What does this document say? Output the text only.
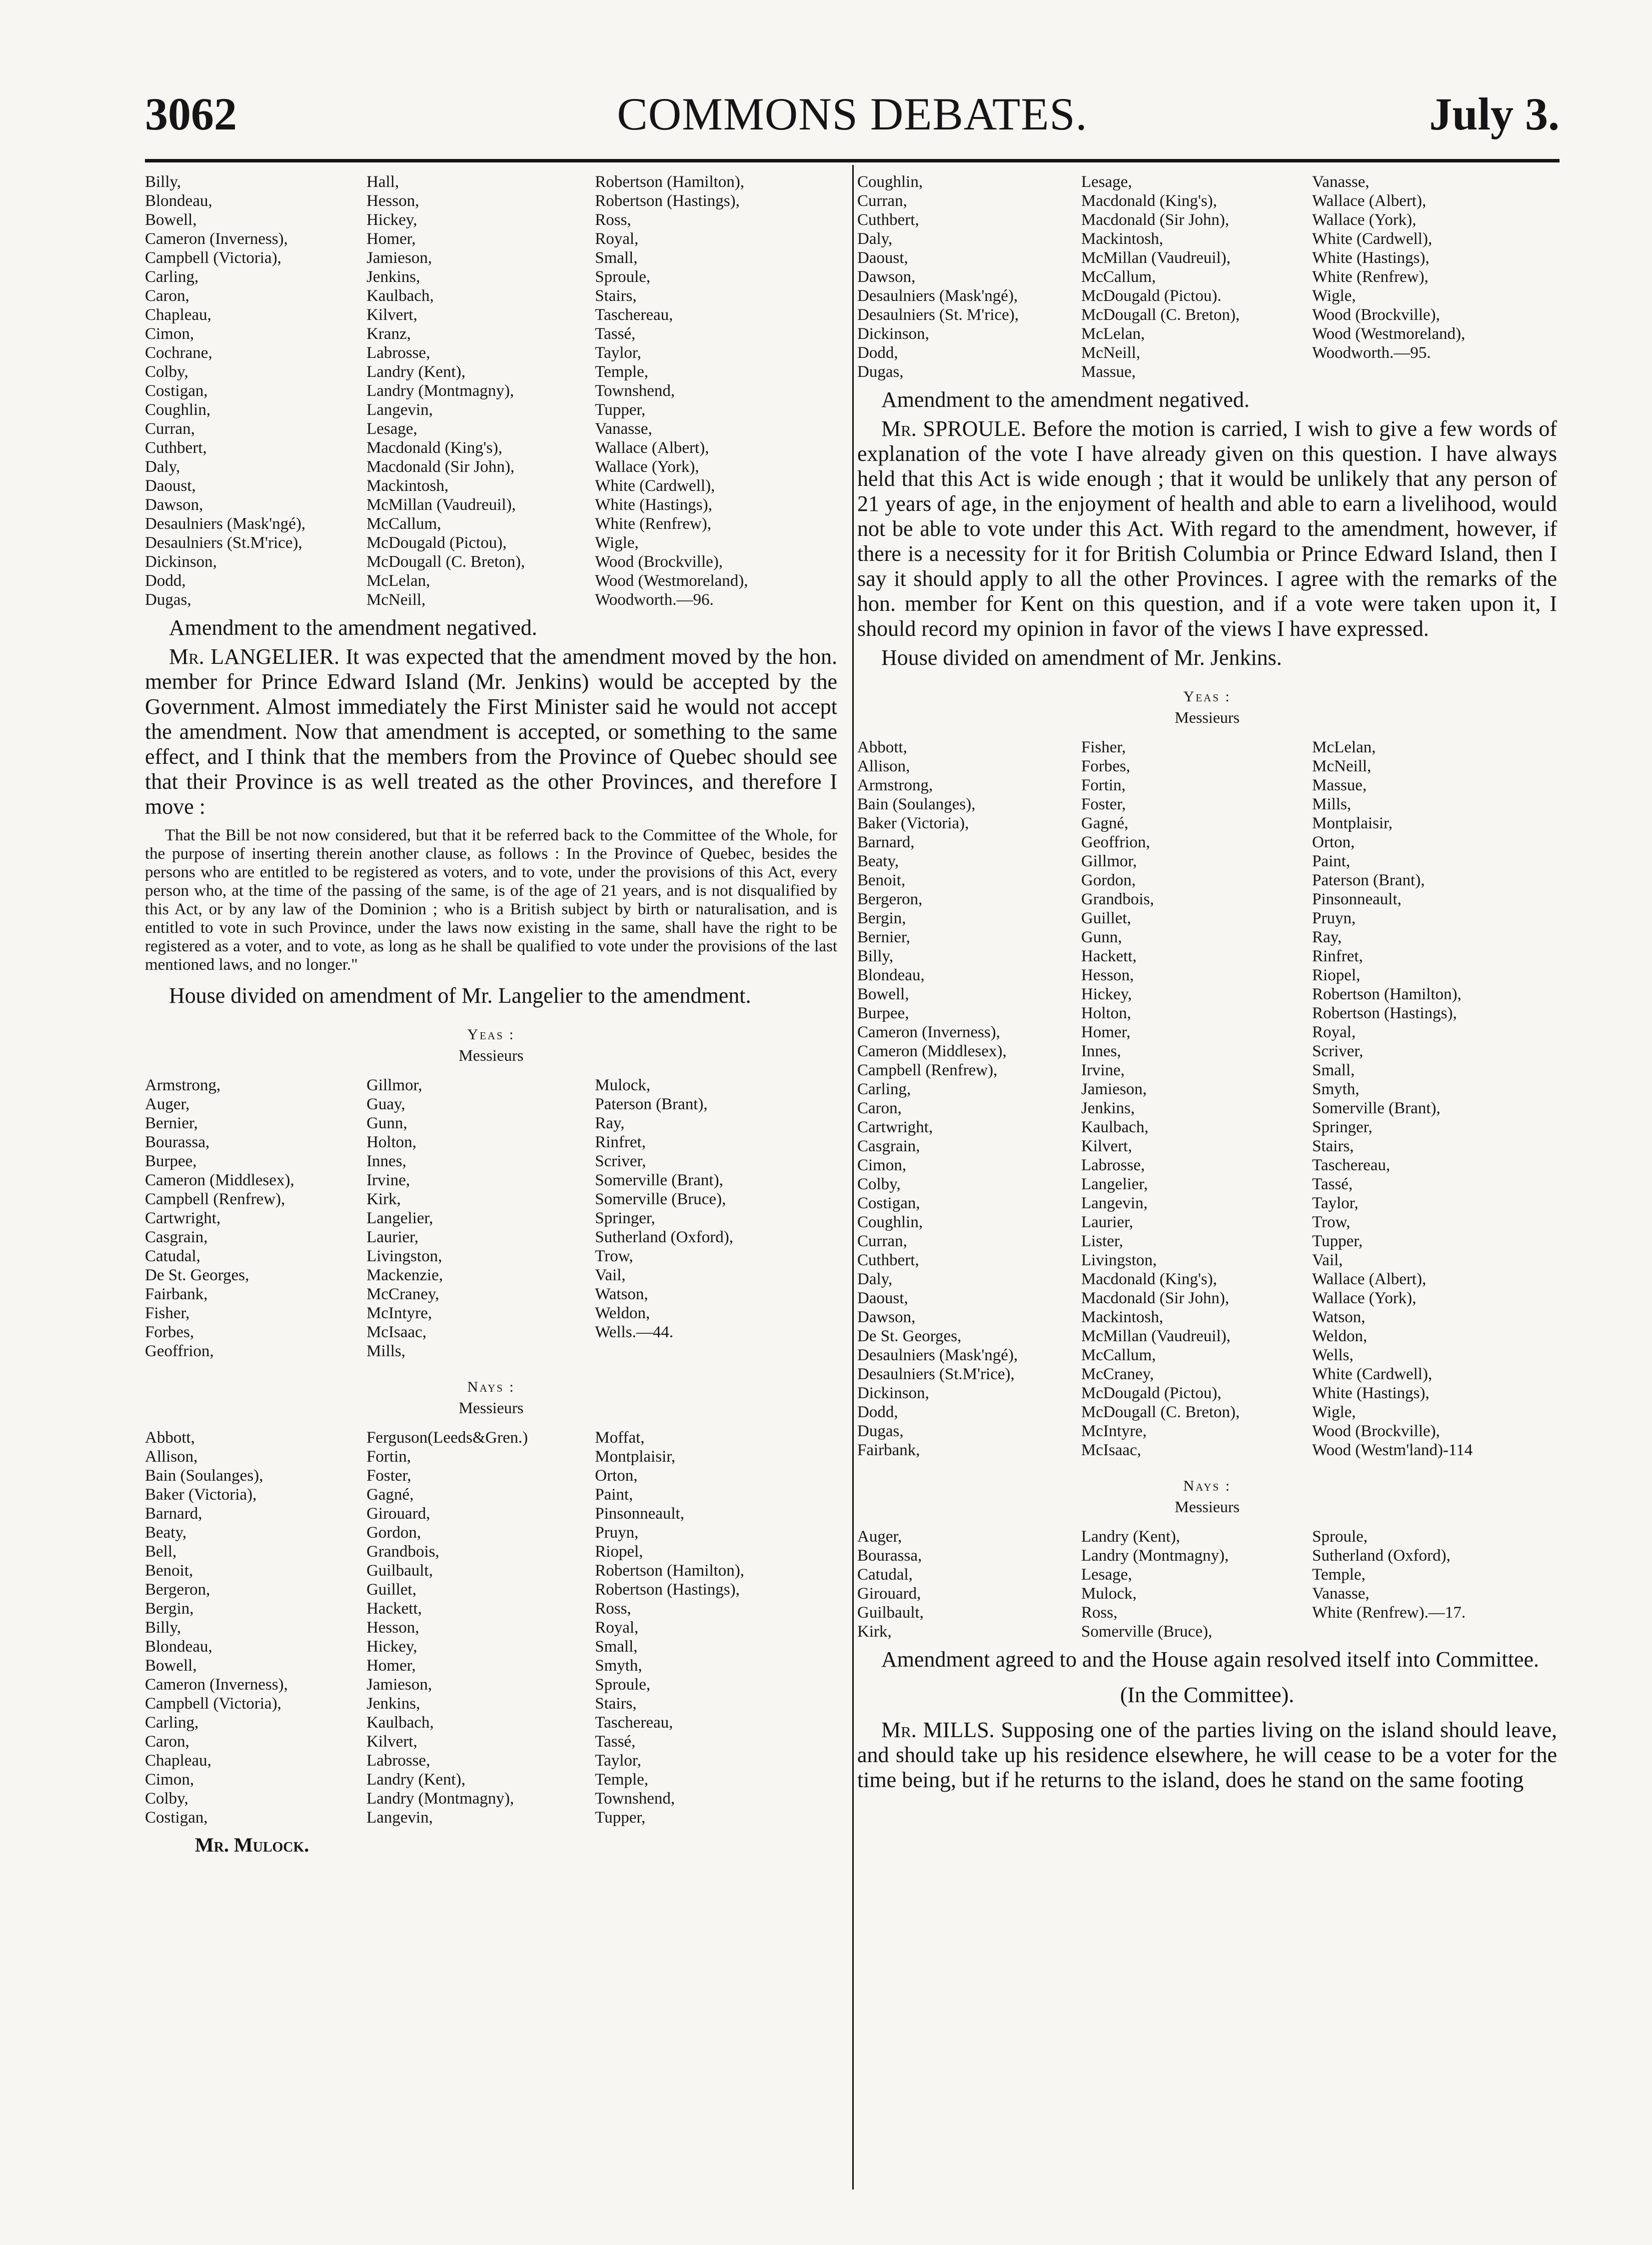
3062	COMMONS DEBATES.	July 3.
Billy,
Blondeau,
Bowell,
Cameron (Inverness),
Campbell (Victoria),
Carling,
Caron,
Chapleau,
Cimon,
Cochrane,
Colby,
Costigan,
Coughlin,
Curran,
Cuthbert,
Daly,
Daoust,
Dawson,
Desaulniers (Mask'ngé),
Desaulniers (St.M'rice),
Dickinson,
Dodd,
Dugas,
Hall,
Hesson,
Hickey,
Homer,
Jamieson,
Jenkins,
Kaulbach,
Kilvert,
Kranz,
Labrosse,
Landry (Kent),
Landry (Montmagny),
Langevin,
Lesage,
Macdonald (King's),
Macdonald (Sir John),
Mackintosh,
McMillan (Vaudreuil),
McCallum,
McDougald (Pictou),
McDougall (C. Breton),
McLelan,
McNeill,
Robertson (Hamilton),
Robertson (Hastings),
Ross,
Royal,
Small,
Sproule,
Stairs,
Taschereau,
Tassé,
Taylor,
Temple,
Townshend,
Tupper,
Vanasse,
Wallace (Albert),
Wallace (York),
White (Cardwell),
White (Hastings),
White (Renfrew),
Wigle,
Wood (Brockville),
Wood (Westmoreland),
Woodworth.—96.
Amendment to the amendment negatived.
Mr. LANGELIER. It was expected that the amendment moved by the hon. member for Prince Edward Island (Mr. Jenkins) would be accepted by the Government. Almost immediately the First Minister said he would not accept the amendment. Now that amendment is accepted, or something to the same effect, and I think that the members from the Province of Quebec should see that their Province is as well treated as the other Provinces, and therefore I move :
That the Bill be not now considered, but that it be referred back to the Committee of the Whole, for the purpose of inserting therein another clause, as follows : In the Province of Quebec, besides the persons who are entitled to be registered as voters, and to vote, under the provisions of this Act, every person who, at the time of the passing of the same, is of the age of 21 years, and is not disqualified by this Act, or by any law of the Dominion ; who is a British subject by birth or naturalisation, and is entitled to vote in such Province, under the laws now existing in the same, shall have the right to be registered as a voter, and to vote, as long as he shall be qualified to vote under the provisions of the last mentioned laws, and no longer."
House divided on amendment of Mr. Langelier to the amendment.
Yeas :
Messieurs
Armstrong,
Auger,
Bernier,
Bourassa,
Burpee,
Cameron (Middlesex),
Campbell (Renfrew),
Cartwright,
Casgrain,
Catudal,
De St. Georges,
Fairbank,
Fisher,
Forbes,
Geoffrion,
Gillmor,
Guay,
Gunn,
Holton,
Innes,
Irvine,
Kirk,
Langelier,
Laurier,
Livingston,
Mackenzie,
McCraney,
McIntyre,
McIsaac,
Mills,
Mulock,
Paterson (Brant),
Ray,
Rinfret,
Scriver,
Somerville (Brant),
Somerville (Bruce),
Springer,
Sutherland (Oxford),
Trow,
Vail,
Watson,
Weldon,
Wells.—44.
Nays :
Messieurs
Abbott,
Allison,
Bain (Soulanges),
Baker (Victoria),
Barnard,
Beaty,
Bell,
Benoit,
Bergeron,
Bergin,
Billy,
Blondeau,
Bowell,
Cameron (Inverness),
Campbell (Victoria),
Carling,
Caron,
Chapleau,
Cimon,
Colby,
Costigan,
Ferguson(Leeds&Gren.)
Fortin,
Foster,
Gagné,
Girouard,
Gordon,
Grandbois,
Guilbault,
Guillet,
Hackett,
Hesson,
Hickey,
Homer,
Jamieson,
Jenkins,
Kaulbach,
Kilvert,
Labrosse,
Landry (Kent),
Landry (Montmagny),
Langevin,
Moffat,
Montplaisir,
Orton,
Paint,
Pinsonneault,
Pruyn,
Riopel,
Robertson (Hamilton),
Robertson (Hastings),
Ross,
Royal,
Small,
Smyth,
Sproule,
Stairs,
Taschereau,
Tassé,
Taylor,
Temple,
Townshend,
Tupper,
Mr. Mulock.
Coughlin,
Curran,
Cuthbert,
Daly,
Daoust,
Dawson,
Desaulniers (Mask'ngé),
Desaulniers (St. M'rice),
Dickinson,
Dodd,
Dugas,
Lesage,
Macdonald (King's),
Macdonald (Sir John),
Mackintosh,
McMillan (Vaudreuil),
McCallum,
McDougald (Pictou).
McDougall (C. Breton),
McLelan,
McNeill,
Massue,
Vanasse,
Wallace (Albert),
Wallace (York),
White (Cardwell),
White (Hastings),
White (Renfrew),
Wigle,
Wood (Brockville),
Wood (Westmoreland),
Woodworth.—95.
Amendment to the amendment negatived.
Mr. SPROULE. Before the motion is carried, I wish to give a few words of explanation of the vote I have already given on this question. I have always held that this Act is wide enough ; that it would be unlikely that any person of 21 years of age, in the enjoyment of health and able to earn a livelihood, would not be able to vote under this Act. With regard to the amendment, however, if there is a necessity for it for British Columbia or Prince Edward Island, then I say it should apply to all the other Provinces. I agree with the remarks of the hon. member for Kent on this question, and if a vote were taken upon it, I should record my opinion in favor of the views I have expressed.
House divided on amendment of Mr. Jenkins.
Yeas :
Messieurs
Abbott,
Allison,
Armstrong,
Bain (Soulanges),
Baker (Victoria),
Barnard,
Beaty,
Benoit,
Bergeron,
Bergin,
Bernier,
Billy,
Blondeau,
Bowell,
Burpee,
Cameron (Inverness),
Cameron (Middlesex),
Campbell (Renfrew),
Carling,
Caron,
Cartwright,
Casgrain,
Cimon,
Colby,
Costigan,
Coughlin,
Curran,
Cuthbert,
Daly,
Daoust,
Dawson,
De St. Georges,
Desaulniers (Mask'ngé),
Desaulniers (St.M'rice),
Dickinson,
Dodd,
Dugas,
Fairbank,
Fisher,
Forbes,
Fortin,
Foster,
Gagné,
Geoffrion,
Gillmor,
Gordon,
Grandbois,
Guillet,
Gunn,
Hackett,
Hesson,
Hickey,
Holton,
Homer,
Innes,
Irvine,
Jamieson,
Jenkins,
Kaulbach,
Kilvert,
Labrosse,
Langelier,
Langevin,
Laurier,
Lister,
Livingston,
Macdonald (King's),
Macdonald (Sir John),
Mackintosh,
McMillan (Vaudreuil),
McCallum,
McCraney,
McDougald (Pictou),
McDougall (C. Breton),
McIntyre,
McIsaac,
McLelan,
McNeill,
Massue,
Mills,
Montplaisir,
Orton,
Paint,
Paterson (Brant),
Pinsonneault,
Pruyn,
Ray,
Rinfret,
Riopel,
Robertson (Hamilton),
Robertson (Hastings),
Royal,
Scriver,
Small,
Smyth,
Somerville (Brant),
Springer,
Stairs,
Taschereau,
Tassé,
Taylor,
Trow,
Tupper,
Vail,
Wallace (Albert),
Wallace (York),
Watson,
Weldon,
Wells,
White (Cardwell),
White (Hastings),
Wigle,
Wood (Brockville),
Wood (Westm'land)-114
Nays :
Messieurs
Auger,
Bourassa,
Catudal,
Girouard,
Guilbault,
Kirk,
Landry (Kent),
Landry (Montmagny),
Lesage,
Mulock,
Ross,
Somerville (Bruce),
Sproule,
Sutherland (Oxford),
Temple,
Vanasse,
White (Renfrew).—17.
Amendment agreed to and the House again resolved itself into Committee.
(In the Committee).
Mr. MILLS. Supposing one of the parties living on the island should leave, and should take up his residence elsewhere, he will cease to be a voter for the time being, but if he returns to the island, does he stand on the same footing
